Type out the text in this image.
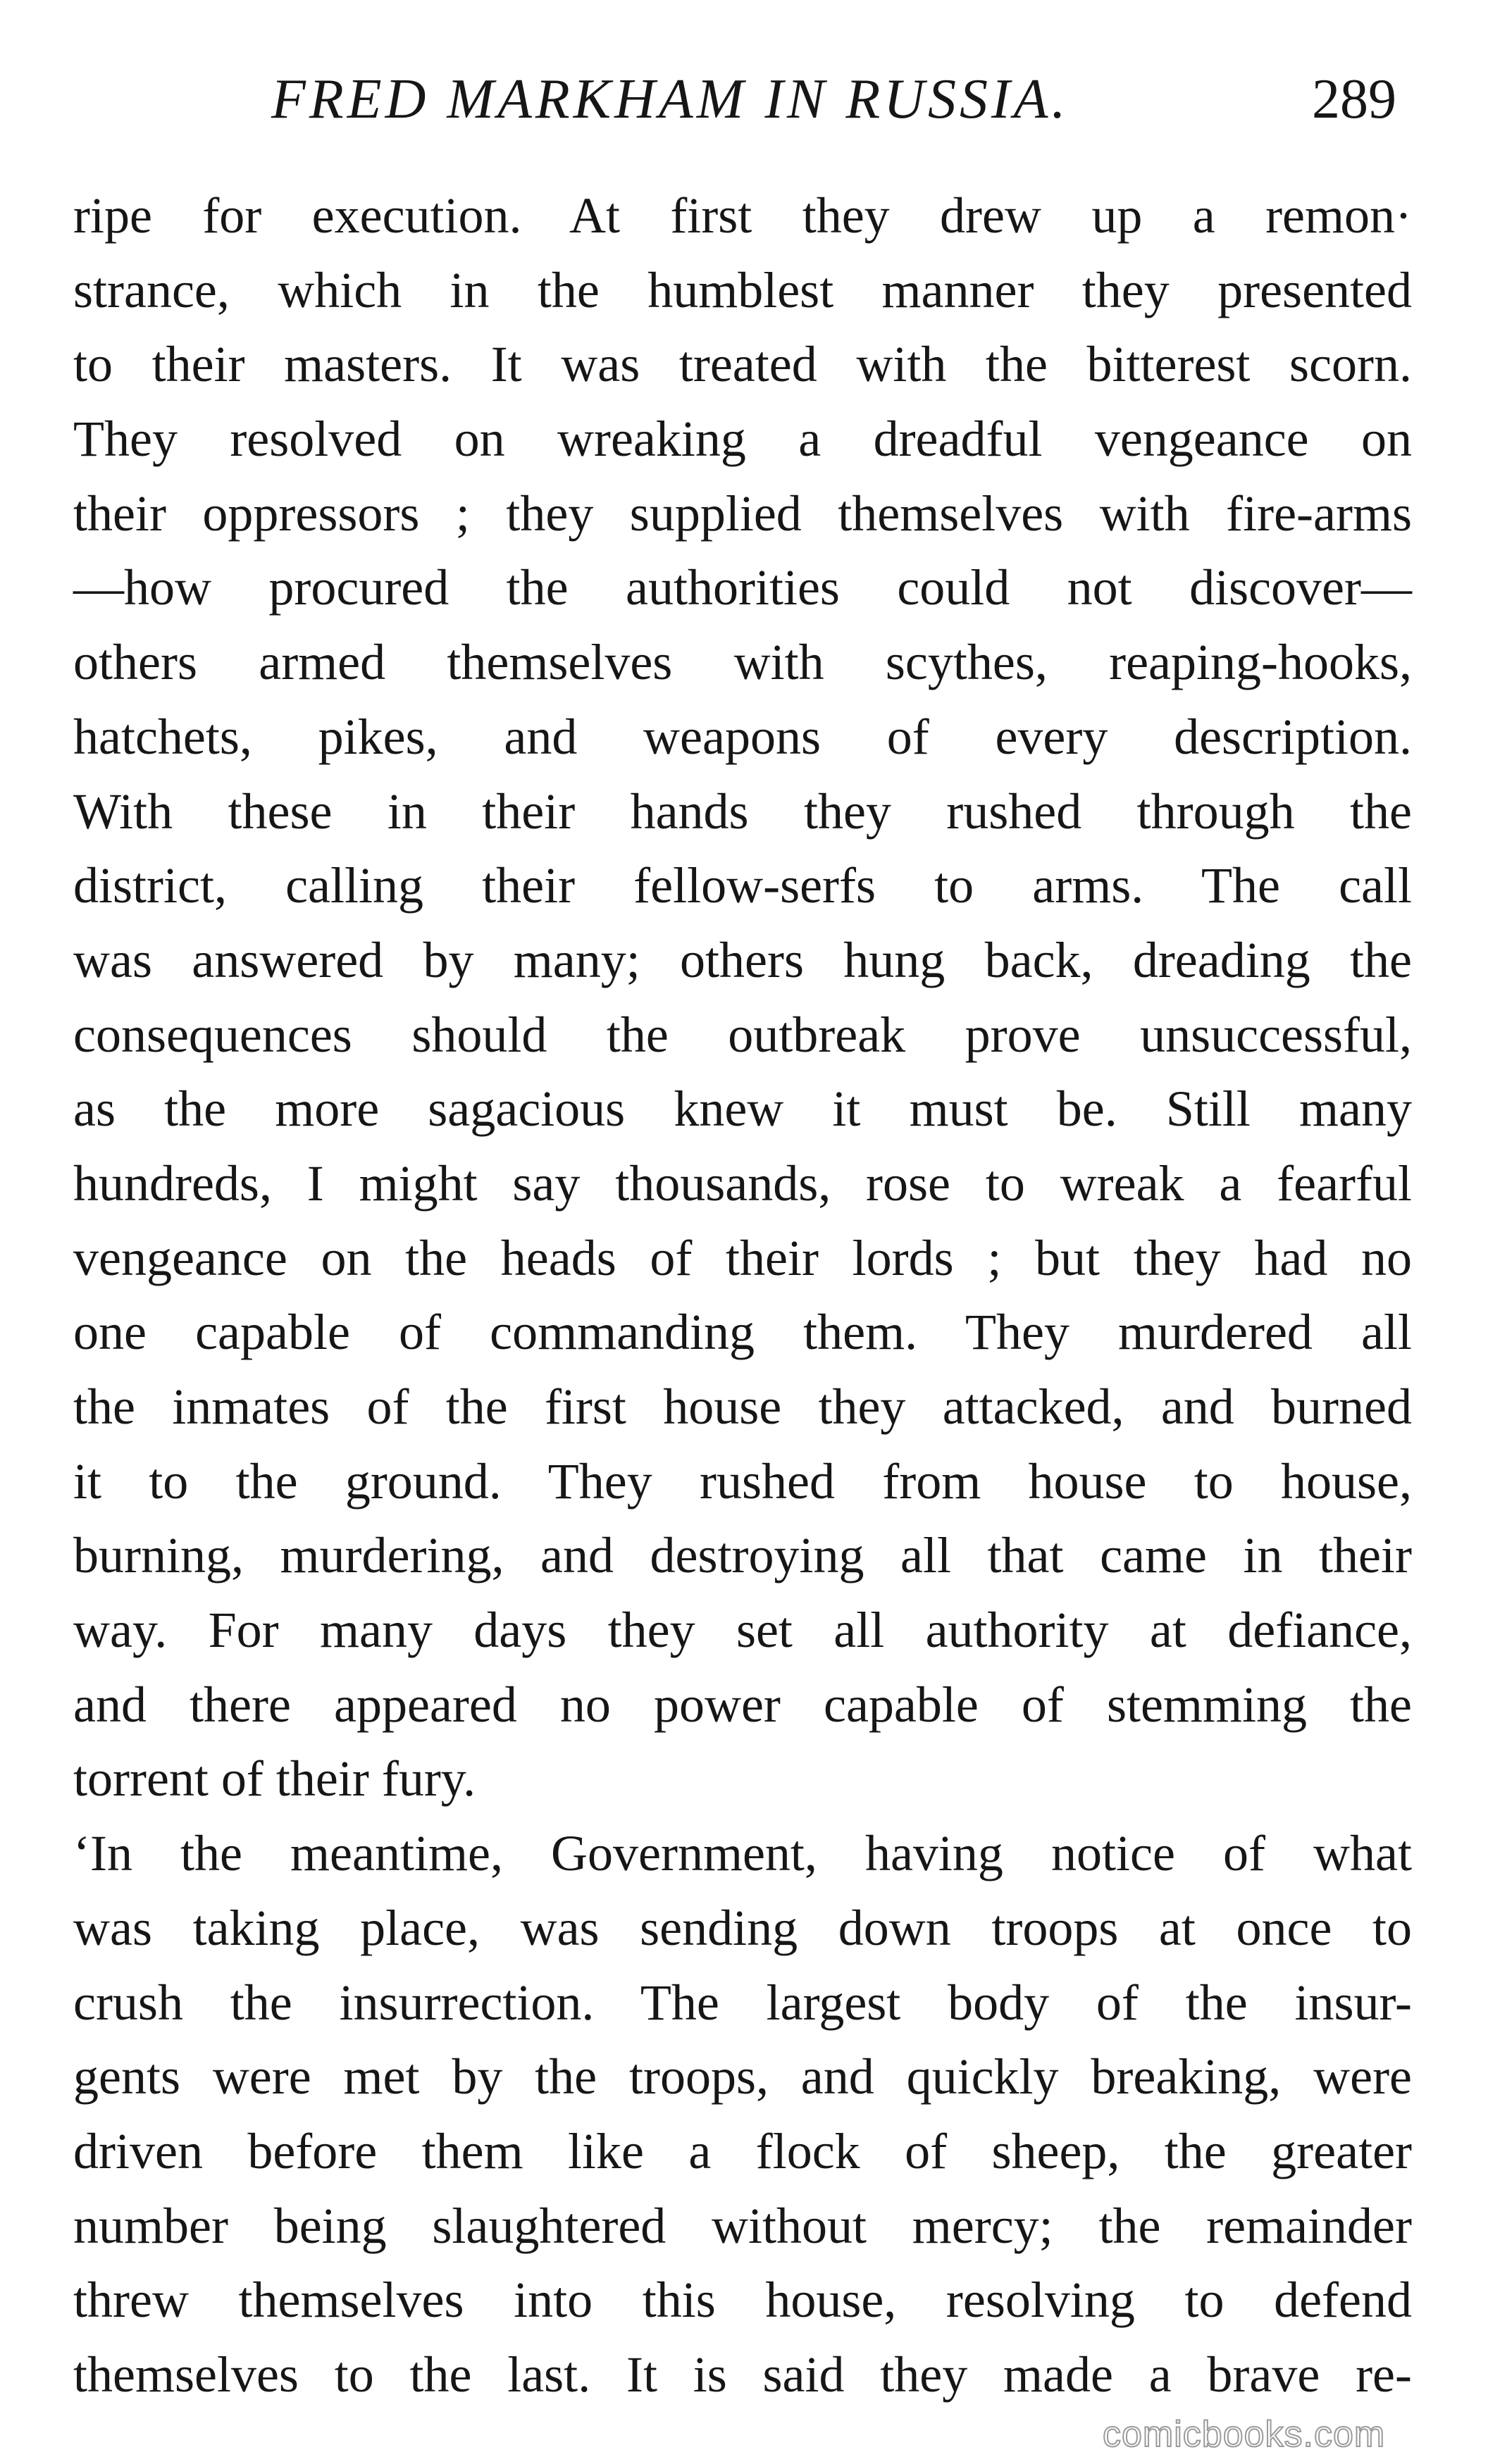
FRED MARKHAM IN RUSSIA.	289
ripe for execution. At first they drew up a remon·
strance, which in the humblest manner they presented
to their masters. It was treated with the bitterest scorn.
They resolved on wreaking a dreadful vengeance on
their oppressors ; they supplied themselves with fire-arms
—how procured the authorities could not discover—
others armed themselves with scythes, reaping-hooks,
hatchets, pikes, and weapons of every description.
With these in their hands they rushed through the
district, calling their fellow-serfs to arms. The call
was answered by many; others hung back, dreading the
consequences should the outbreak prove unsuccessful,
as the more sagacious knew it must be. Still many
hundreds, I might say thousands, rose to wreak a fearful
vengeance on the heads of their lords ; but they had no
one capable of commanding them. They murdered all
the inmates of the first house they attacked, and burned
it to the ground. They rushed from house to house,
burning, murdering, and destroying all that came in their
way. For many days they set all authority at defiance,
and there appeared no power capable of stemming the
torrent of their fury.
‘In the meantime, Government, having notice of what
was taking place, was sending down troops at once to
crush the insurrection. The largest body of the insur-
gents were met by the troops, and quickly breaking, were
driven before them like a flock of sheep, the greater
number being slaughtered without mercy; the remainder
threw themselves into this house, resolving to defend
themselves to the last. It is said they made a brave re-
comicbooks.com
